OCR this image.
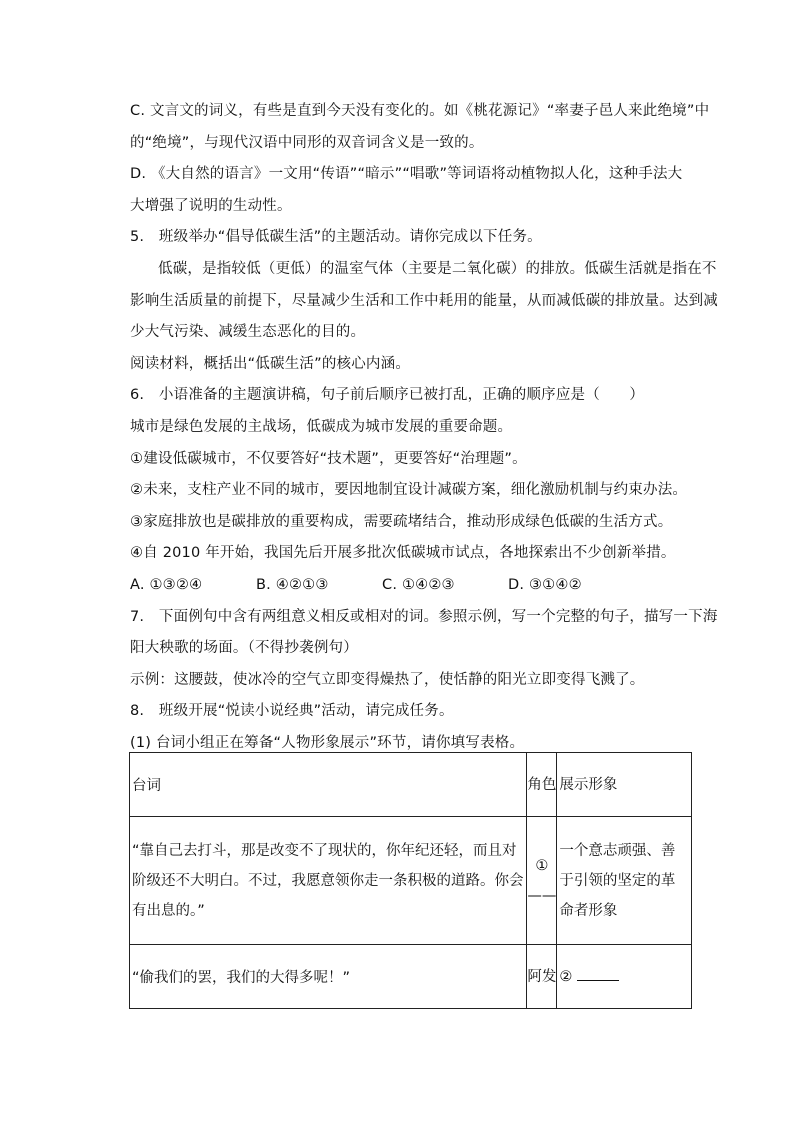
C. 文言文的词义，有些是直到今天没有变化的。如《桃花源记》“率妻子邑人来此绝境”中
的“绝境”，与现代汉语中同形的双音词含义是一致的。
D. 《大自然的语言》一文用“传语”“暗示”“唱歌”等词语将动植物拟人化，这种手法大
大增强了说明的生动性。
5.　班级举办“倡导低碳生活”的主题活动。请你完成以下任务。
低碳，是指较低（更低）的温室气体（主要是二氧化碳）的排放。低碳生活就是指在不
影响生活质量的前提下，尽量减少生活和工作中耗用的能量，从而减低碳的排放量。达到减
少大气污染、减缓生态恶化的目的。
阅读材料，概括出“低碳生活”的核心内涵。
6.　小语准备的主题演讲稿，句子前后顺序已被打乱，正确的顺序应是（　　）
城市是绿色发展的主战场，低碳成为城市发展的重要命题。
①建设低碳城市，不仅要答好“技术题”，更要答好“治理题”。
②未来，支柱产业不同的城市，要因地制宜设计减碳方案，细化激励机制与约束办法。
③家庭排放也是碳排放的重要构成，需要疏堵结合，推动形成绿色低碳的生活方式。
④自 2010 年开始，我国先后开展多批次低碳城市试点，各地探索出不少创新举措。
A. ①③②④	B. ④②①③	C. ①④②③	D. ③①④②
7.　下面例句中含有两组意义相反或相对的词。参照示例，写一个完整的句子，描写一下海
阳大秧歌的场面。（不得抄袭例句）
示例：这腰鼓，使冰冷的空气立即变得燥热了，使恬静的阳光立即变得飞溅了。
8.　班级开展“悦读小说经典”活动，请完成任务。
(1) 台词小组正在筹备“人物形象展示”环节，请你填写表格。
台词	角色	展示形象
“靠自己去打斗，那是改变不了现状的，你年纪还轻，而且对阶级还不大明白。不过，我愿意领你走一条积极的道路。你会有出息的。”	①——	一个意志顽强、善于引领的坚定的革命者形象
“偷我们的罢，我们的大得多呢！”	阿发	②
